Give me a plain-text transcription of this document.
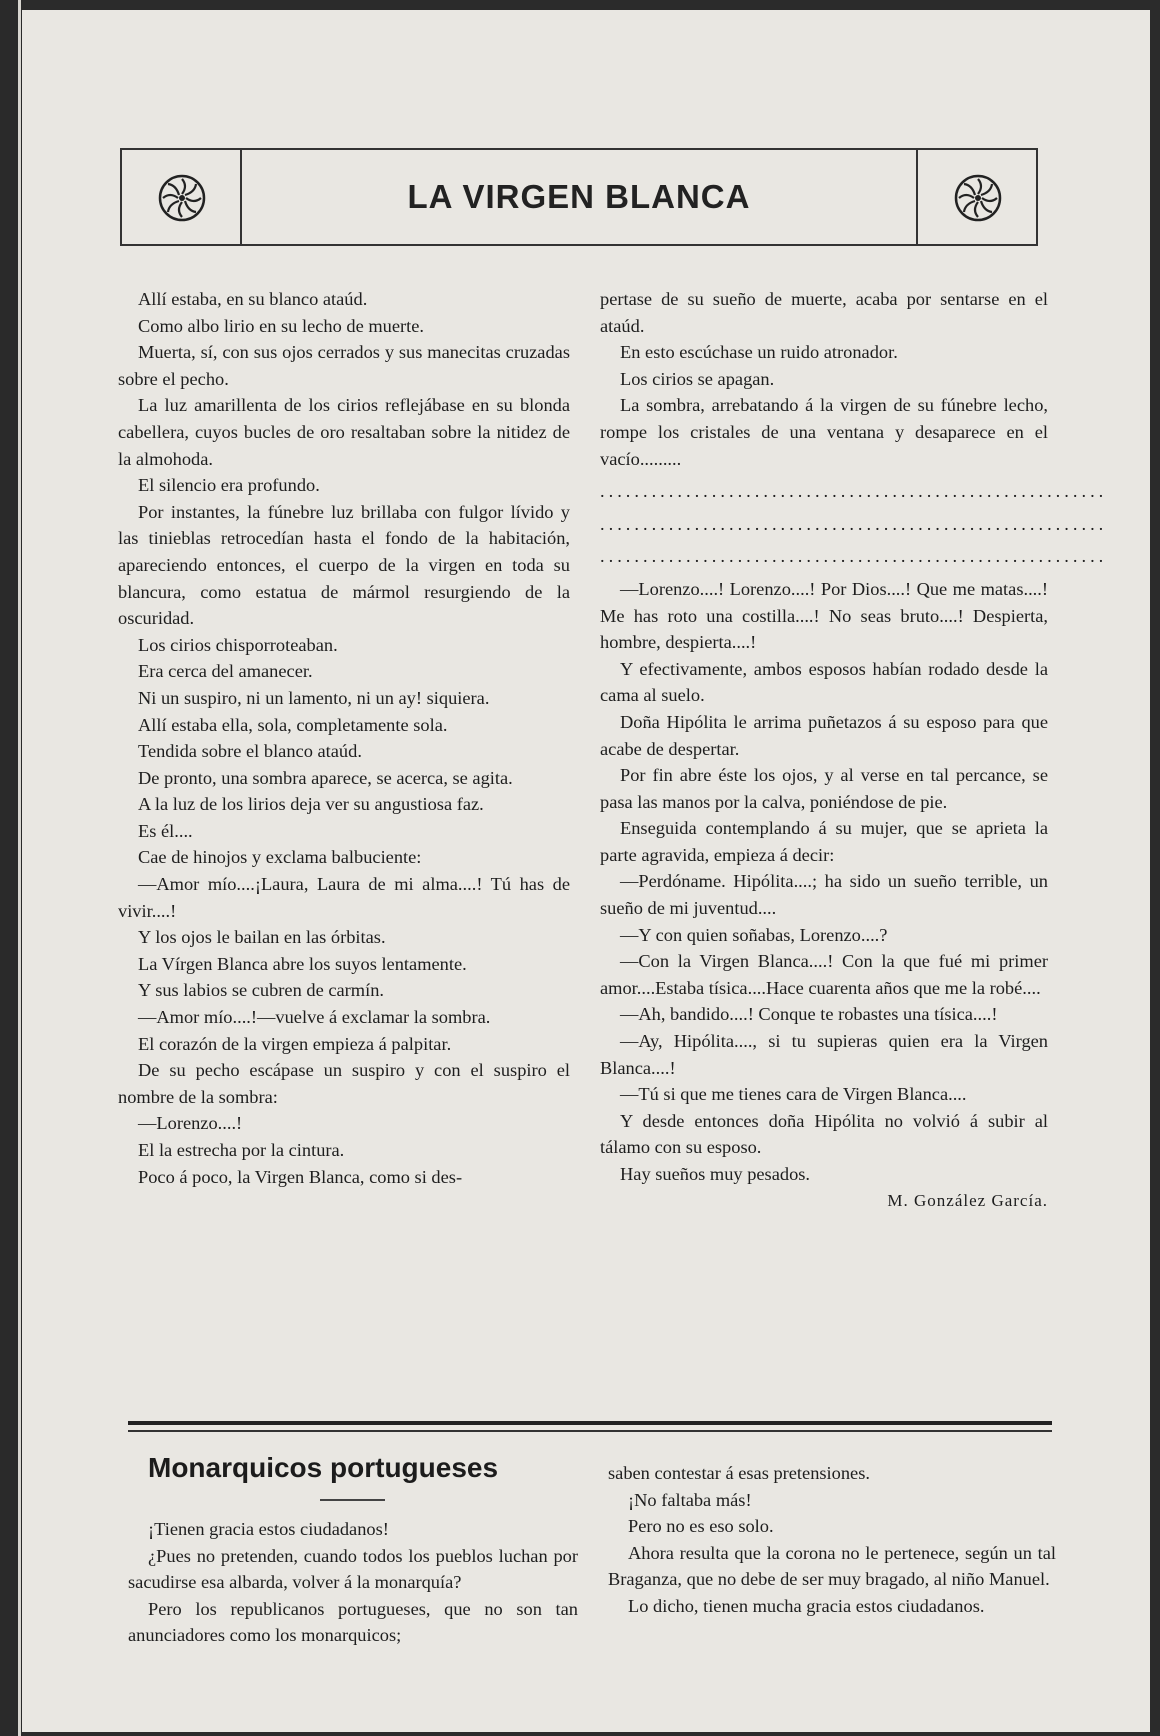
LA VIRGEN BLANCA

Allí estaba, en su blanco ataúd.

Como albo lirio en su lecho de muerte.

Muerta, sí, con sus ojos cerrados y sus manecitas cruzadas sobre el pecho.

La luz amarillenta de los cirios reflejábase en su blonda cabellera, cuyos bucles de oro resaltaban sobre la nitidez de la almohoda.

El silencio era profundo.

Por instantes, la fúnebre luz brillaba con fulgor lívido y las tinieblas retrocedían hasta el fondo de la habitación, apareciendo entonces, el cuerpo de la virgen en toda su blancura, como estatua de mármol resurgiendo de la oscuridad.

Los cirios chisporroteaban.

Era cerca del amanecer.

Ni un suspiro, ni un lamento, ni un ay! siquiera.

Allí estaba ella, sola, completamente sola.

Tendida sobre el blanco ataúd.

De pronto, una sombra aparece, se acerca, se agita.

A la luz de los lirios deja ver su angustiosa faz.

Es él....

Cae de hinojos y exclama balbuciente:

—Amor mío....¡Laura, Laura de mi alma....! Tú has de vivir....!

Y los ojos le bailan en las órbitas.

La Vírgen Blanca abre los suyos lentamente.

Y sus labios se cubren de carmín.

—Amor mío....!—vuelve á exclamar la sombra.

El corazón de la virgen empieza á palpitar.

De su pecho escápase un suspiro y con el suspiro el nombre de la sombra:

—Lorenzo....!

El la estrecha por la cintura.

Poco á poco, la Virgen Blanca, como si des-

pertase de su sueño de muerte, acaba por sentarse en el ataúd.

En esto escúchase un ruido atronador.

Los cirios se apagan.

La sombra, arrebatando á la virgen de su fúnebre lecho, rompe los cristales de una ventana y desaparece en el vacío.........

...........................................................

...........................................................

...........................................................

—Lorenzo....! Lorenzo....! Por Dios....! Que me matas....! Me has roto una costilla....! No seas bruto....! Despierta, hombre, despierta....!

Y efectivamente, ambos esposos habían rodado desde la cama al suelo.

Doña Hipólita le arrima puñetazos á su esposo para que acabe de despertar.

Por fin abre éste los ojos, y al verse en tal percance, se pasa las manos por la calva, poniéndose de pie.

Enseguida contemplando á su mujer, que se aprieta la parte agravida, empieza á decir:

—Perdóname. Hipólita....; ha sido un sueño terrible, un sueño de mi juventud....

—Y con quien soñabas, Lorenzo....?

—Con la Virgen Blanca....! Con la que fué mi primer amor....Estaba tísica....Hace cuarenta años que me la robé....

—Ah, bandido....! Conque te robastes una tísica....!

—Ay, Hipólita...., si tu supieras quien era la Virgen Blanca....!

—Tú si que me tienes cara de Virgen Blanca....

Y desde entonces doña Hipólita no volvió á subir al tálamo con su esposo.

Hay sueños muy pesados.

M. González García.

Monarquicos portugueses

¡Tienen gracia estos ciudadanos!

¿Pues no pretenden, cuando todos los pueblos luchan por sacudirse esa albarda, volver á la monarquía?

Pero los republicanos portugueses, que no son tan anunciadores como los monarquicos;

saben contestar á esas pretensiones.

¡No faltaba más!

Pero no es eso solo.

Ahora resulta que la corona no le pertenece, según un tal Braganza, que no debe de ser muy bragado, al niño Manuel.

Lo dicho, tienen mucha gracia estos ciudadanos.
